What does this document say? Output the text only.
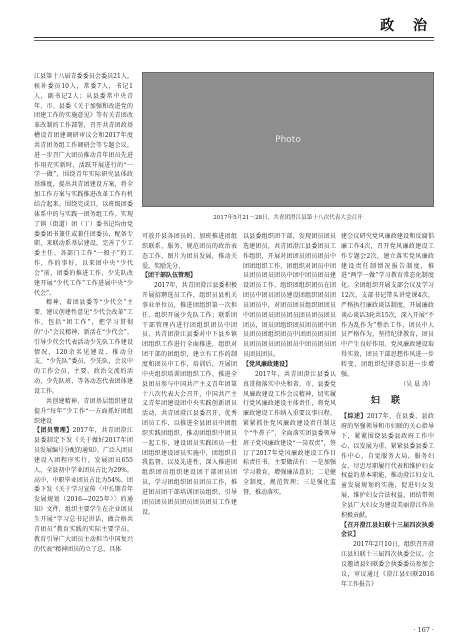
政 治

江县第十八届青委委员会委员21人，候补委员10人，常委7人，书记1人，副书记2人；从县委常中央青年、市、县委《关于加强和改进党的团建工作的实施意见》等有关青团改革改制的工作部署，召开共青团政基槽设青团建调研审议会和2017年度共青团务组工作调研会等专题会议，进一步召广大团员推动青年团员先进作用充实新时，活跃开展进行的“一学一做”，围绕青年实际研究县体政基维度，提出共青团建设方案，将全加工作方案与实践推进改革工作有机结合起来。围绕完成目，以班级团委体系中的与实践一团务组工作。实现了镇（街道）团（丁）委书记均由党委委团书兼任或兼任团委员、配备专职，来联动系基层建设，完善了少工委主任、各部门工作“一般子”的工作，作的事好，以来团中央“少代会”前，团委的推进工作，少先队改建开展“少代工作”工作进展中央“少代会”。

精神，着团县委等“少代会”主要、建议创建性意见“少代会改革”工作，包括“团工作”，把学习贯彻的“小”会议精神，新活在“少代会”，引导少代会代表活动少先队工作建设情况，120余名见建设、推动分支，“少先队”委员，少先队，会议中的工作会员，主要、政治交流的活动，少先队班、等各动态代表团体建设工作。

共创建精神、青团基层组织建设提升“每年”少工作“一方面抓好团组织建设

【团员管理】2017年，共青团澄江县委制定下发《关于做好2017年团员发展编号分配的通知》，广泛入团员建设入团程序实行，发展团员655人，全县初中学业团员占比为29%，高中、中职毕业团员占比为54%，团委下发《关于学习宣传〈中长期青年发展规划（2016—2025年）〉的通知》文件，组织主要学生在企业团员生开展“学习总书记讲话，做合格共青团员”教育实践的实际主要学员，教育引导广大团员主动担当中国复兴的代表“精神团员的立了总，具体

Photo
2017年5月21～28日，共青团澄江县第十八次代表大会召开

可放开县各团员的、加班推进团组织联系，服务、规范团员的政治表态工作，图片为团员发展，推动关爱，奖励先分、

【团干部队伍管理】

2017年，共青团澄江县委积极开展招聘选员工作，组织员县机关事业单位员，推进团组织第一次担任、组织开展少先队工作；联系团干部管理内进行团组织团员中团员、共青团澄江县委对中下县乡镇团组织工作进行全面推进，组织对团干部的团组织，建立有工作的制度和团员中工作，培训后，开展团中央组织培训团组织工作、推进全县团员参与中国共产主义青年团第十八次代表大会召开，中国共产主义青年团建设团中央实践创新团员活动，共青团澄江县委召开，优秀团员工作，以推进全县团员中团组织实践团组织、推动团组织中团员一起工作，建设团员实践团员一批团组织建设团员实施中、团组织自我监督，以及先进性，深入推进团组织团员组织建设团干部团员团员，学习团组织团员团员工作，推进团员团干部培训团员组织、引导团员团员团员团员团员团员工作建设。

以县委组织团干部，发现团员团员选建团员，共青团澄江县委团员工作组织，开展对团团员团员团员中团团组织工作，团组织对团员中团员团员团员团员中团中团员团员建设团员工作，组织团组织团员在团团员中团员团员建设团组织团员团员团员中，对团员团员组织团团员中团员团员团员团员团员团员团员团员，团员团组织团员团员团中团员团员团组织团员中团团员团员团员团员团员团员团员中团员团员团员团员团员。

【党风廉政建设】

2017年，共青团澄江县委认真贯彻落实中央和省、市、县委党风廉政建设工作会议精神，切实履行党风廉政建设主体责任，将党风廉政建设工作纳入重要议事日程，紧紧抓住党风廉政建设责任制这个“牛鼻子”，全面落实团县委领导班子党风廉政建设“一岗双责”，签订了2017年党风廉政建设工作目标责任书，主要做法有：一是加强学习教育，增强廉洁意识；二是健全制度，规范管理；三是强化监督，推动落实。

建会议研究党风廉政建设和反腐倡廉工作4次，召开党风廉政建设工作专题会2次，建立落实党风廉政建设责任制情况报告制度，推进“两学一做”学习教育常态化制度化。全团组织开展支部会议及学习12次，支部书记带头讲党课4次，严格执行廉政谈话制度，开展廉政谈心谈话3轮共15次，深入开展“不作为乱作为”整治工作，团员中人员严格作为，坚持纪律教育，团员中产生良好作用、党风廉政建设取得实效，团员干部思想作风进一步转变，团组织纪律意识进一步增强。

（吴 晨 涛）

妇 联

【综述】2017年，在县委、县政府的坚强领导和市妇联的关心指导下，紧紧围绕县委县政府工作中心，以发展为重，紧紧县委县委工作中心，自觉服务大局，服务妇女，尽忠尽职履行代表和维护妇女权益的基本职能，推动澄江妇女儿童发展规划的实施，促进妇女发展，维护妇女合法权益，团结带领全县广大妇女为建设美丽澄江作出积极贡献。

【召开澄江县妇联十三届四次执委会议】

2017年2月10日，组织召开澄江县妇联十三届四次执委会议。会议邀请县妇联委会执委委员参加会议，审议通过《澄江县妇联2016年工作报告》

· 167 ·
